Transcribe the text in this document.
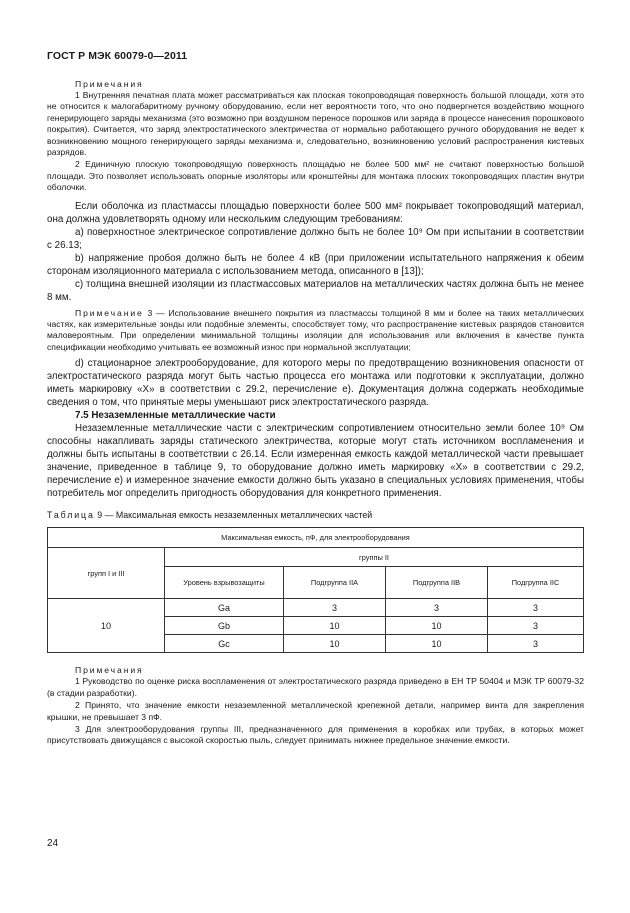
ГОСТ Р МЭК 60079-0—2011
Примечания

1 Внутренняя печатная плата может рассматриваться как плоская токопроводящая поверхность большой площади, хотя это не относится к малогабаритному ручному оборудованию, если нет вероятности того, что оно подвергнется воздействию мощного генерирующего заряды механизма (это возможно при воздушном переносе порошков или заряда в процессе нанесения порошкового покрытия). Считается, что заряд электростатического электричества от нормально работающего ручного оборудования не ведет к возникновению мощного генерирующего заряды механизма и, следовательно, возникновению условий распространения кистевых разрядов.

2 Единичную плоскую токопроводящую поверхность площадью не более 500 мм² не считают поверхностью большой площади. Это позволяет использовать опорные изоляторы или кронштейны для монтажа плоских токопроводящих пластин внутри оболочки.

Если оболочка из пластмассы площадью поверхности более 500 мм² покрывает токопроводящий материал, она должна удовлетворять одному или нескольким следующим требованиям:

а) поверхностное электрическое сопротивление должно быть не более 10⁹ Ом при испытании в соответствии с 26.13;

b) напряжение пробоя должно быть не более 4 кВ (при приложении испытательного напряжения к обеим сторонам изоляционного материала с использованием метода, описанного в [13]);

c) толщина внешней изоляции из пластмассовых материалов на металлических частях должна быть не менее 8 мм.

Примечание 3 — Использование внешнего покрытия из пластмассы толщиной 8 мм и более на таких металлических частях, как измерительные зонды или подобные элементы, способствует тому, что распространение кистевых разрядов становится маловероятным. При определении минимальной толщины изоляции для использования или включения в качестве пункта спецификации необходимо учитывать ее возможный износ при нормальной эксплуатации;

d) стационарное электрооборудование, для которого меры по предотвращению возникновения опасности от электростатического разряда могут быть частью процесса его монтажа или подготовки к эксплуатации, должно иметь маркировку «X» в соответствии с 29.2, перечисление е). Документация должна содержать необходимые сведения о том, что принятые меры уменьшают риск электростатического разряда.

7.5 Незаземленные металлические части

Незаземленные металлические части с электрическим сопротивлением относительно земли более 10⁹ Ом способны накапливать заряды статического электричества, которые могут стать источником воспламенения и должны быть испытаны в соответствии с 26.14. Если измеренная емкость каждой металлической части превышает значение, приведенное в таблице 9, то оборудование должно иметь маркировку «X» в соответствии с 29.2, перечисление е) и измеренное значение емкости должно быть указано в специальных условиях применения, чтобы потребитель мог определить пригодность оборудования для конкретного применения.

Таблица 9 — Максимальная емкость незаземленных металлических частей
Максимальная емкость, пФ, для электрооборудования				
групп I и III	группы II			
	Уровень взрывозащиты	Подгруппа IIA	Подгруппа IIB	Подгруппа IIC
10	Ga	3	3	3
	Gb	10	10	3
	Gc	10	10	3
Примечания

1 Руководство по оценке риска воспламенения от электростатического разряда приведено в ЕН ТР 50404 и МЭК ТР 60079-32 (в стадии разработки).

2 Принято, что значение емкости незаземленной металлической крепежной детали, например винта для закрепления крышки, не превышает 3 пФ.

3 Для электрооборудования группы III, предназначенного для применения в коробках или трубах, в которых может присутствовать движущаяся с высокой скоростью пыль, следует принимать нижнее предельное значение емкости.

24
